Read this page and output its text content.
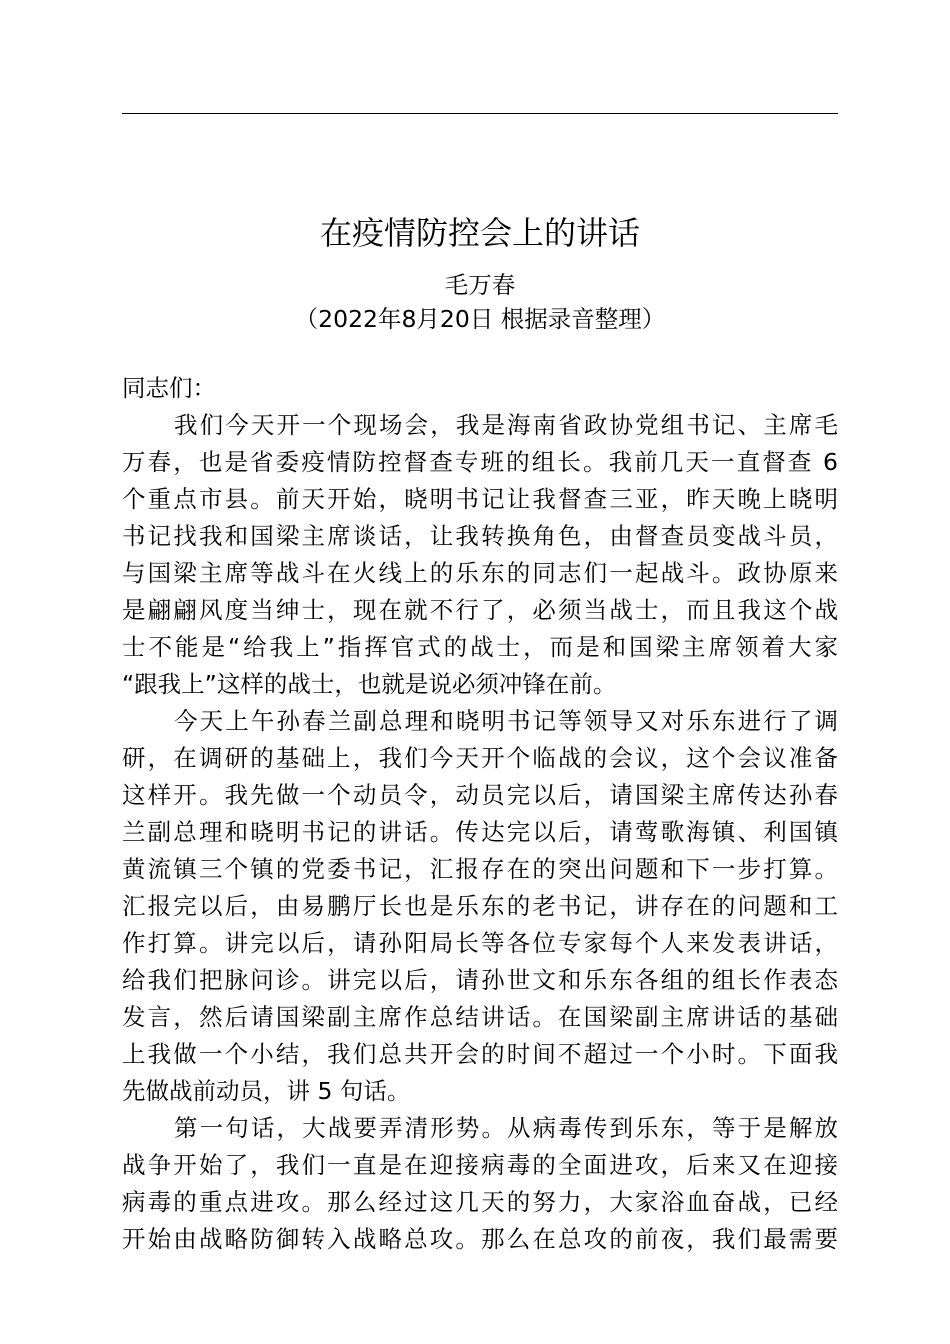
在疫情防控会上的讲话
毛万春
（2022年8月20日 根据录音整理）
同志们：
我们今天开一个现场会，我是海南省政协党组书记、主席毛
万春，也是省委疫情防控督查专班的组长。我前几天一直督查 6
个重点市县。前天开始，晓明书记让我督查三亚，昨天晚上晓明
书记找我和国梁主席谈话，让我转换角色，由督查员变战斗员，
与国梁主席等战斗在火线上的乐东的同志们一起战斗。政协原来
是翩翩风度当绅士，现在就不行了，必须当战士，而且我这个战
士不能是“给我上”指挥官式的战士，而是和国梁主席领着大家
“跟我上”这样的战士，也就是说必须冲锋在前。
今天上午孙春兰副总理和晓明书记等领导又对乐东进行了调
研，在调研的基础上，我们今天开个临战的会议，这个会议准备
这样开。我先做一个动员令，动员完以后，请国梁主席传达孙春
兰副总理和晓明书记的讲话。传达完以后，请莺歌海镇、利国镇
黄流镇三个镇的党委书记，汇报存在的突出问题和下一步打算。
汇报完以后，由易鹏厅长也是乐东的老书记，讲存在的问题和工
作打算。讲完以后，请孙阳局长等各位专家每个人来发表讲话，
给我们把脉问诊。讲完以后，请孙世文和乐东各组的组长作表态
发言，然后请国梁副主席作总结讲话。在国梁副主席讲话的基础
上我做一个小结，我们总共开会的时间不超过一个小时。下面我
先做战前动员，讲 5 句话。
第一句话，大战要弄清形势。从病毒传到乐东，等于是解放
战争开始了，我们一直是在迎接病毒的全面进攻，后来又在迎接
病毒的重点进攻。那么经过这几天的努力，大家浴血奋战，已经
开始由战略防御转入战略总攻。那么在总攻的前夜，我们最需要
